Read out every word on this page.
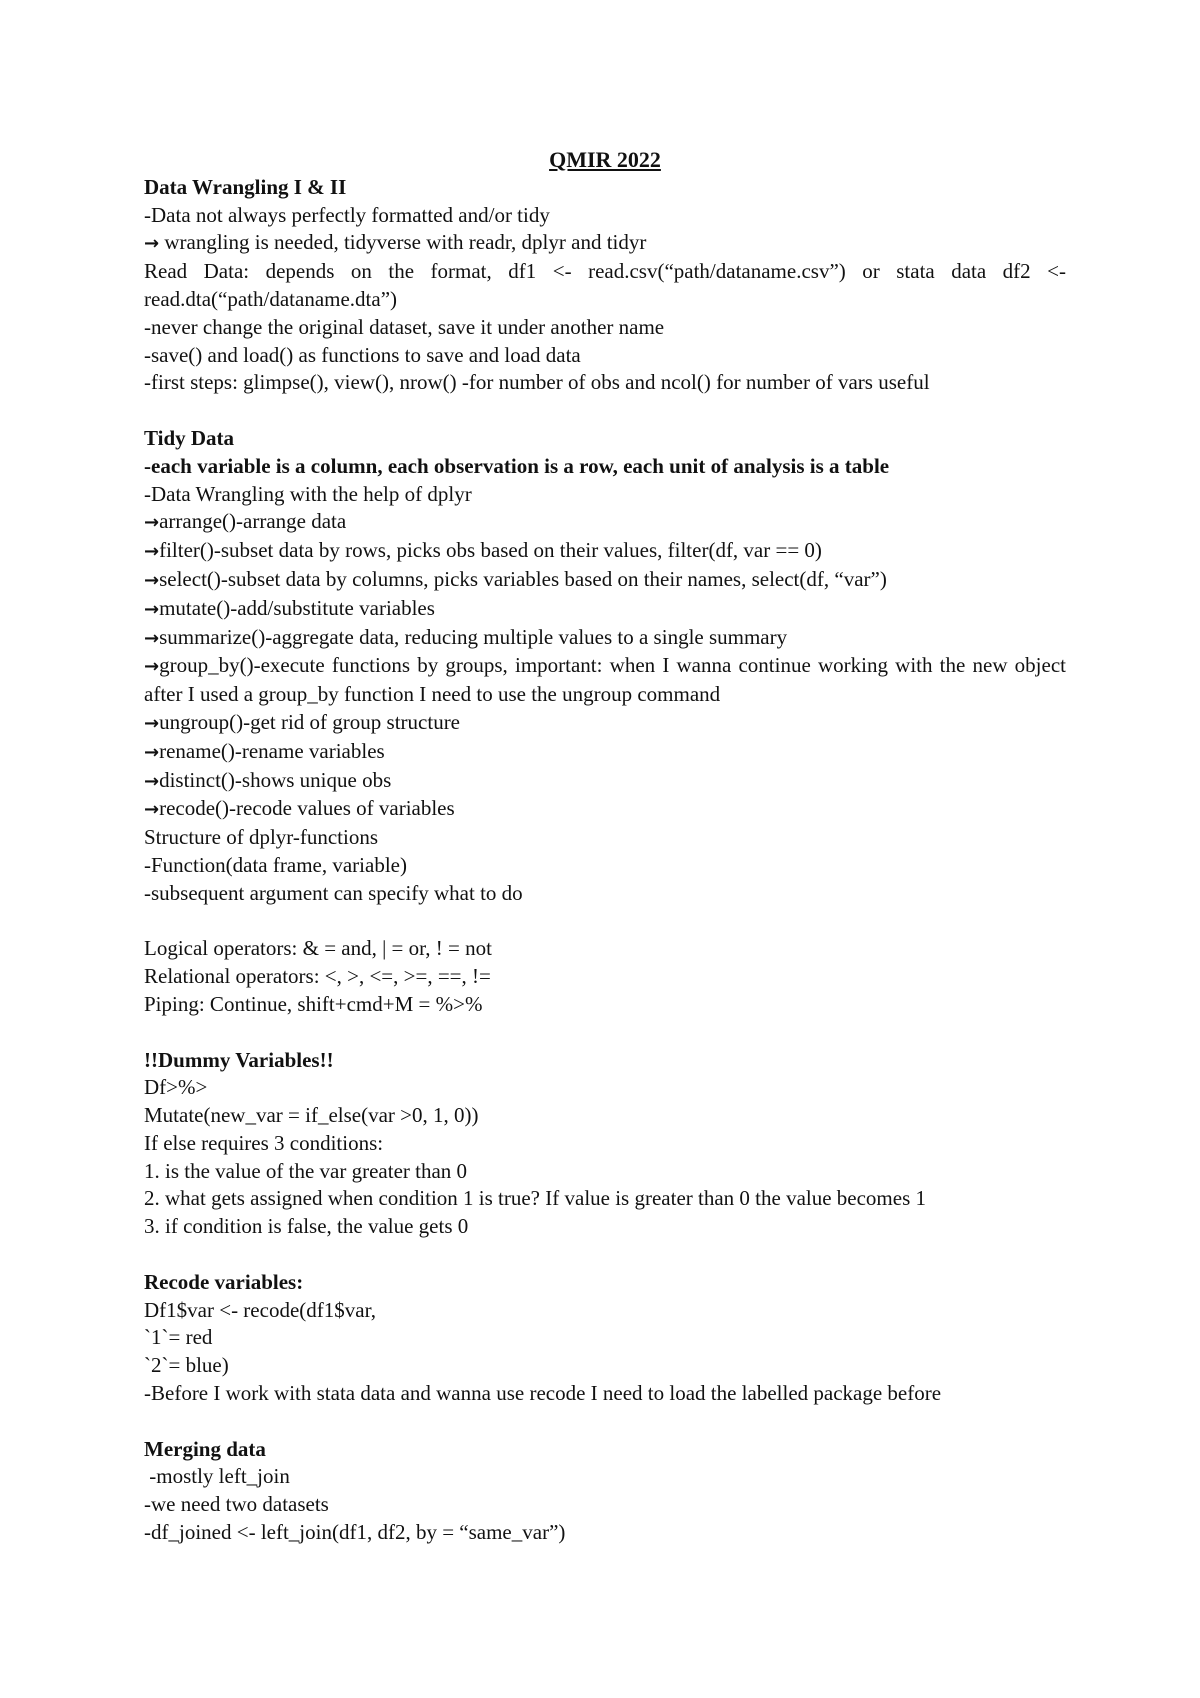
QMIR 2022
Data Wrangling I & II
-Data not always perfectly formatted and/or tidy
→ wrangling is needed, tidyverse with readr, dplyr and tidyr
Read Data: depends on the format, df1 <- read.csv(“path/dataname.csv”) or stata data df2 <- read.dta(“path/dataname.dta”)
-never change the original dataset, save it under another name
-save() and load() as functions to save and load data
-first steps: glimpse(), view(), nrow() -for number of obs and ncol() for number of vars useful
Tidy Data
-each variable is a column, each observation is a row, each unit of analysis is a table
-Data Wrangling with the help of dplyr
→arrange()-arrange data
→filter()-subset data by rows, picks obs based on their values, filter(df, var == 0)
→select()-subset data by columns, picks variables based on their names, select(df, “var”)
→mutate()-add/substitute variables
→summarize()-aggregate data, reducing multiple values to a single summary
→group_by()-execute functions by groups, important: when I wanna continue working with the new object after I used a group_by function I need to use the ungroup command
→ungroup()-get rid of group structure
→rename()-rename variables
→distinct()-shows unique obs
→recode()-recode values of variables
Structure of dplyr-functions
-Function(data frame, variable)
-subsequent argument can specify what to do
Logical operators: & = and, | = or, ! = not
Relational operators: <, >, <=, >=, ==, !=
Piping: Continue, shift+cmd+M = %>%
!!Dummy Variables!!
Df>%>
Mutate(new_var = if_else(var >0, 1, 0))
If else requires 3 conditions:
1. is the value of the var greater than 0
2. what gets assigned when condition 1 is true? If value is greater than 0 the value becomes 1
3. if condition is false, the value gets 0
Recode variables:
Df1$var <- recode(df1$var,
`1`= red
`2`= blue)
-Before I work with stata data and wanna use recode I need to load the labelled package before
Merging data
-mostly left_join
-we need two datasets
-df_joined <- left_join(df1, df2, by = “same_var”)
